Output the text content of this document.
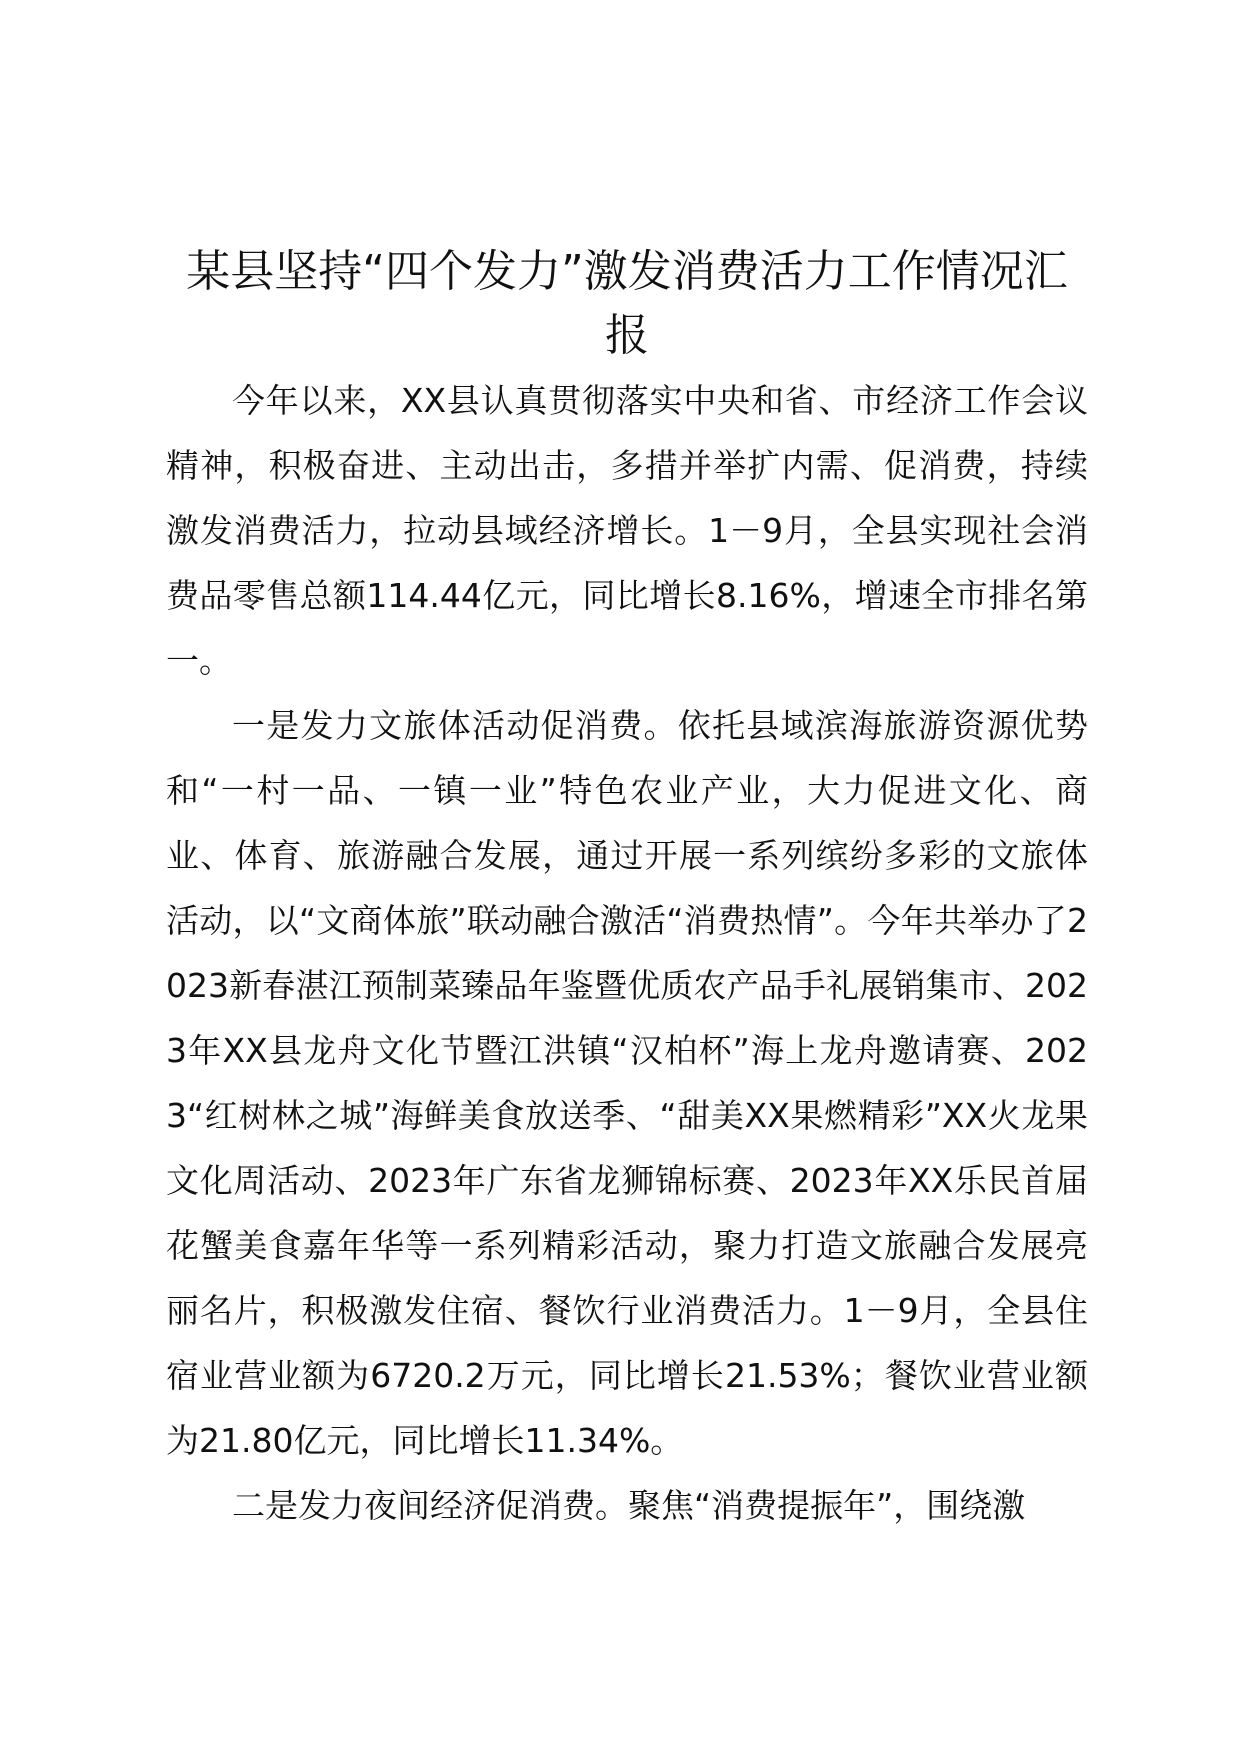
某县坚持“四个发力”激发消费活力工作情况汇报

今年以来，XX县认真贯彻落实中央和省、市经济工作会议精神，积极奋进、主动出击，多措并举扩内需、促消费，持续激发消费活力，拉动县域经济增长。1－9月，全县实现社会消费品零售总额114.44亿元，同比增长8.16%，增速全市排名第一。

一是发力文旅体活动促消费。依托县域滨海旅游资源优势和“一村一品、一镇一业”特色农业产业，大力促进文化、商业、体育、旅游融合发展，通过开展一系列缤纷多彩的文旅体活动，以“文商体旅”联动融合激活“消费热情”。今年共举办了2023新春湛江预制菜臻品年鉴暨优质农产品手礼展销集市、2023年XX县龙舟文化节暨江洪镇“汉柏杯”海上龙舟邀请赛、2023“红树林之城”海鲜美食放送季、“甜美XX果燃精彩”XX火龙果文化周活动、2023年广东省龙狮锦标赛、2023年XX乐民首届花蟹美食嘉年华等一系列精彩活动，聚力打造文旅融合发展亮丽名片，积极激发住宿、餐饮行业消费活力。1－9月，全县住宿业营业额为6720.2万元，同比增长21.53%；餐饮业营业额为21.80亿元，同比增长11.34%。

二是发力夜间经济促消费。聚焦“消费提振年”，围绕激
